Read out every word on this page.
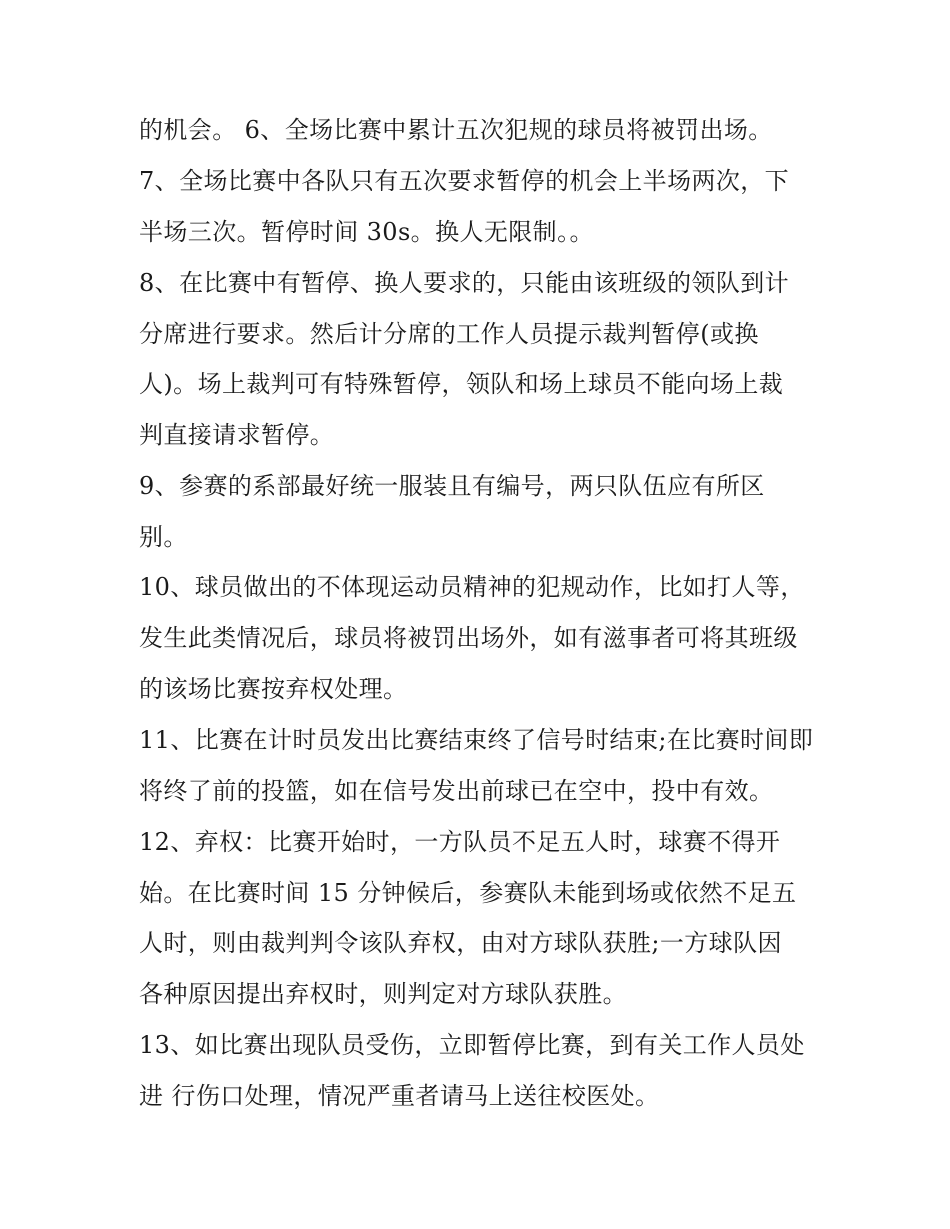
的机会。 6、全场比赛中累计五次犯规的球员将被罚出场。
7、全场比赛中各队只有五次要求暂停的机会上半场两次，下
半场三次。暂停时间 30s。换人无限制。。
8、在比赛中有暂停、换人要求的，只能由该班级的领队到计
分席进行要求。然后计分席的工作人员提示裁判暂停(或换
人)。场上裁判可有特殊暂停，领队和场上球员不能向场上裁
判直接请求暂停。
9、参赛的系部最好统一服装且有编号，两只队伍应有所区
别。
10、球员做出的不体现运动员精神的犯规动作，比如打人等，
发生此类情况后，球员将被罚出场外，如有滋事者可将其班级
的该场比赛按弃权处理。
11、比赛在计时员发出比赛结束终了信号时结束;在比赛时间即
将终了前的投篮，如在信号发出前球已在空中，投中有效。
12、弃权：比赛开始时，一方队员不足五人时，球赛不得开
始。在比赛时间 15 分钟候后，参赛队未能到场或依然不足五
人时，则由裁判判令该队弃权，由对方球队获胜;一方球队因
各种原因提出弃权时，则判定对方球队获胜。
13、如比赛出现队员受伤，立即暂停比赛，到有关工作人员处
进 行伤口处理，情况严重者请马上送往校医处。
